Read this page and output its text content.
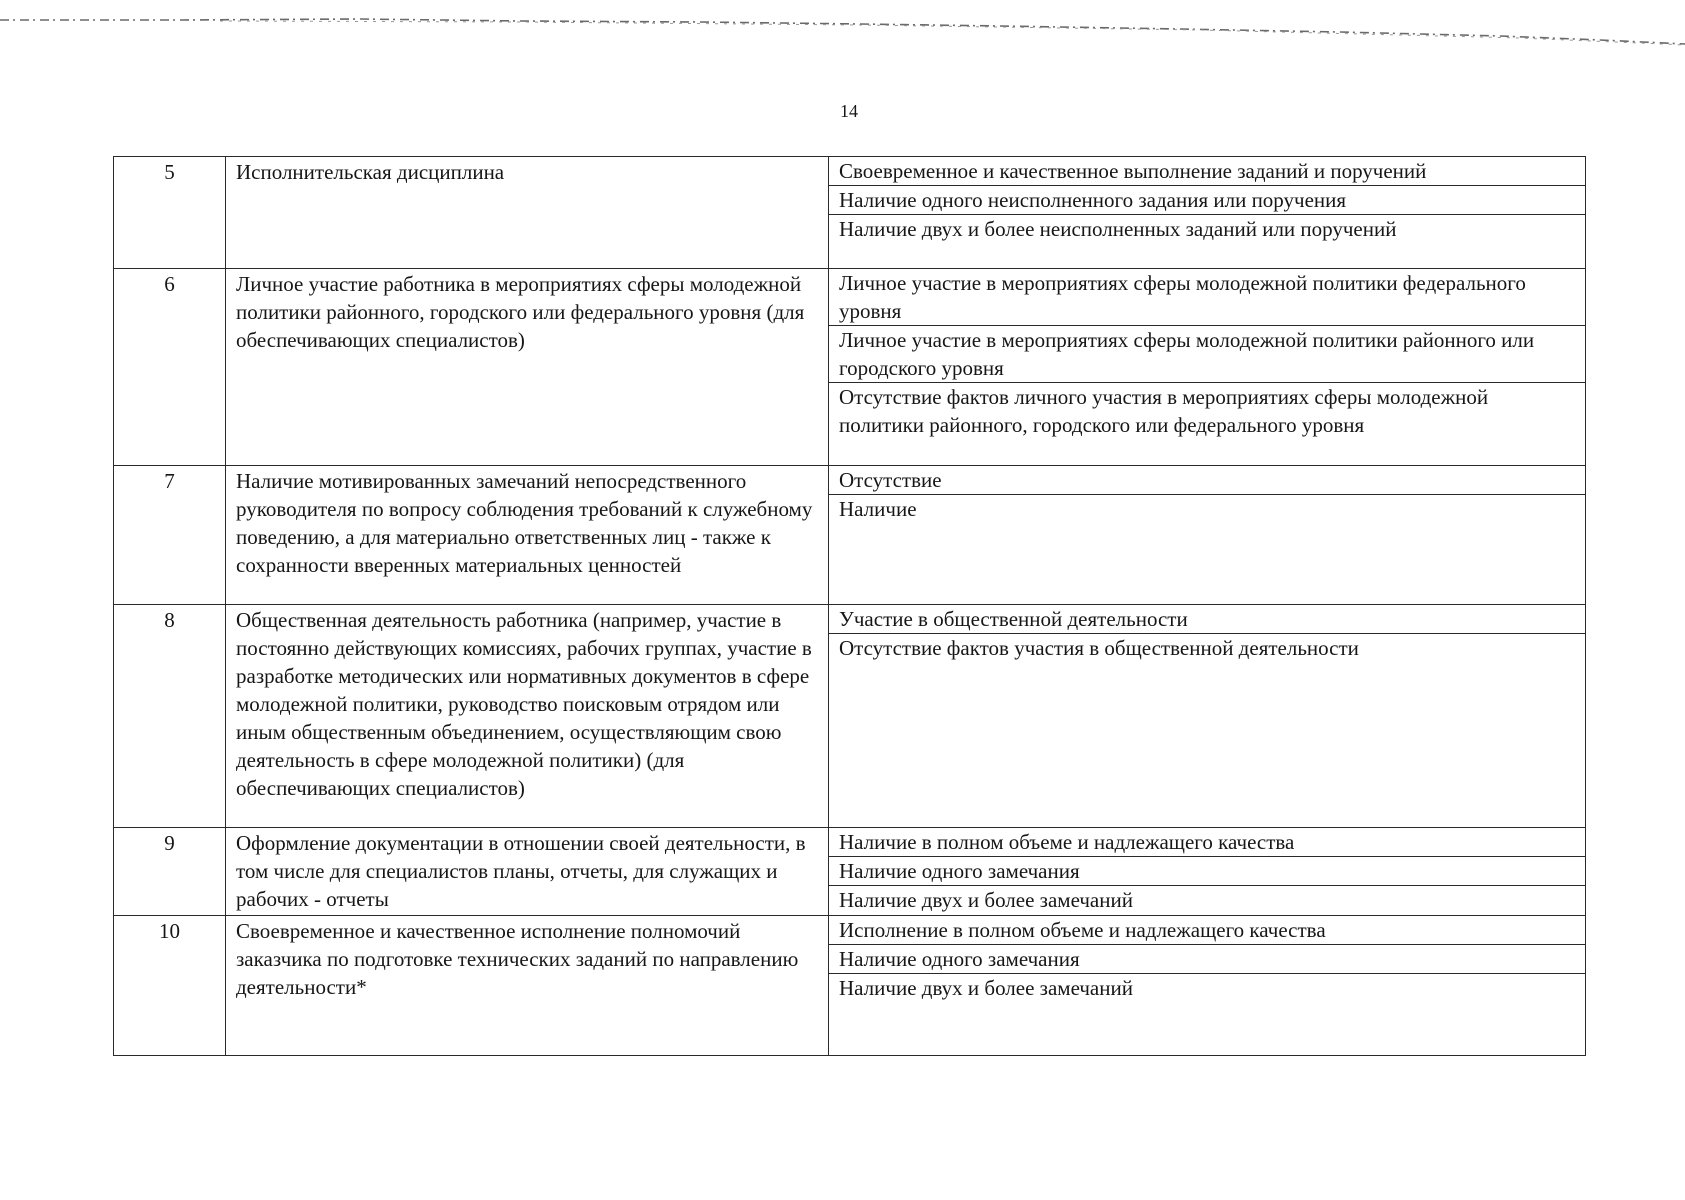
14
5	Исполнительская дисциплина	Своевременное и качественное выполнение заданий и поручений
Наличие одного неисполненного задания или поручения
Наличие двух и более неисполненных заданий или поручений

6	Личное участие работника в мероприятиях сферы молодежной политики районного, городского или федерального уровня (для обеспечивающих специалистов)	Личное участие в мероприятиях сферы молодежной политики федерального уровня
Личное участие в мероприятиях сферы молодежной политики районного или городского уровня
Отсутствие фактов личного участия в мероприятиях сферы молодежной политики районного, городского или федерального уровня

7	Наличие мотивированных замечаний непосредственного руководителя по вопросу соблюдения требований к служебному поведению, а для материально ответственных лиц - также к сохранности вверенных материальных ценностей	Отсутствие
Наличие

8	Общественная деятельность работника (например, участие в постоянно действующих комиссиях, рабочих группах, участие в разработке методических или нормативных документов в сфере молодежной политики, руководство поисковым отрядом или иным общественным объединением, осуществляющим свою деятельность в сфере молодежной политики) (для обеспечивающих специалистов)	Участие в общественной деятельности
Отсутствие фактов участия в общественной деятельности

9	Оформление документации в отношении своей деятельности, в том числе для специалистов планы, отчеты, для служащих и рабочих - отчеты	Наличие в полном объеме и надлежащего качества
Наличие одного замечания
Наличие двух и более замечаний

10	Своевременное и качественное исполнение полномочий заказчика по подготовке технических заданий по направлению деятельности*	Исполнение в полном объеме и надлежащего качества
Наличие одного замечания
Наличие двух и более замечаний
